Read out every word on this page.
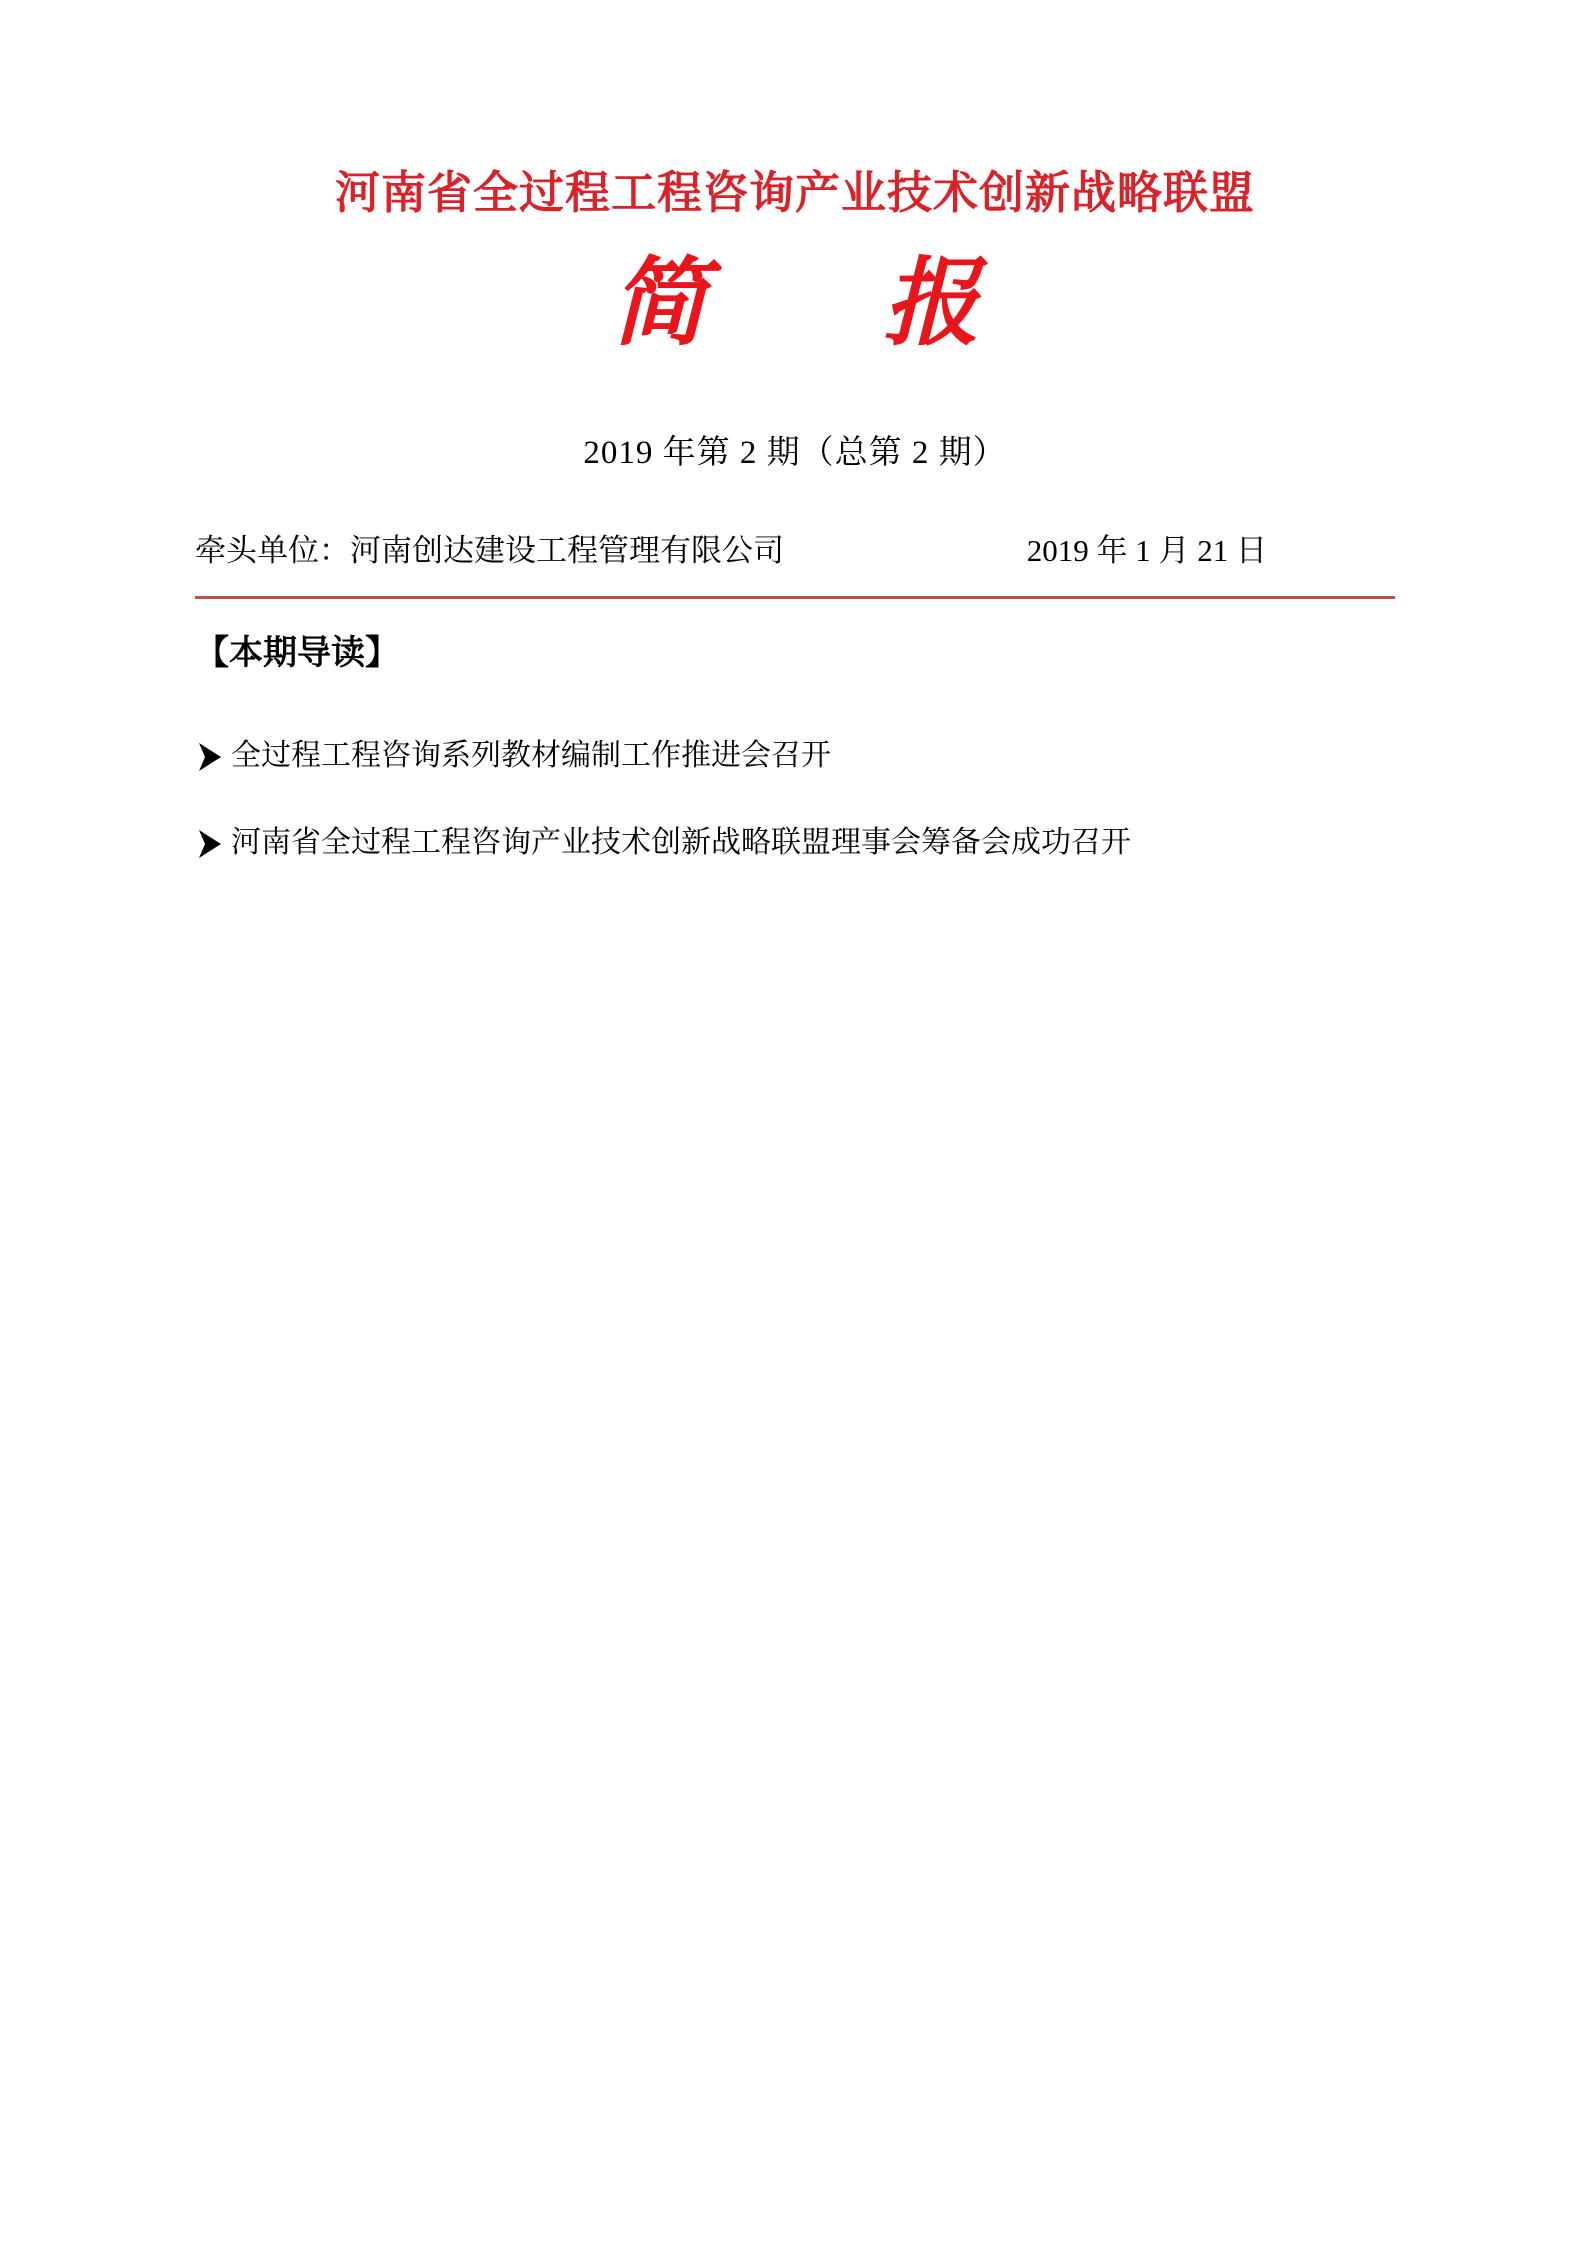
河南省全过程工程咨询产业技术创新战略联盟
简　报
2019 年第 2 期（总第 2 期）
牵头单位：河南创达建设工程管理有限公司	2019 年 1 月 21 日
【本期导读】
全过程工程咨询系列教材编制工作推进会召开
河南省全过程工程咨询产业技术创新战略联盟理事会筹备会成功召开
